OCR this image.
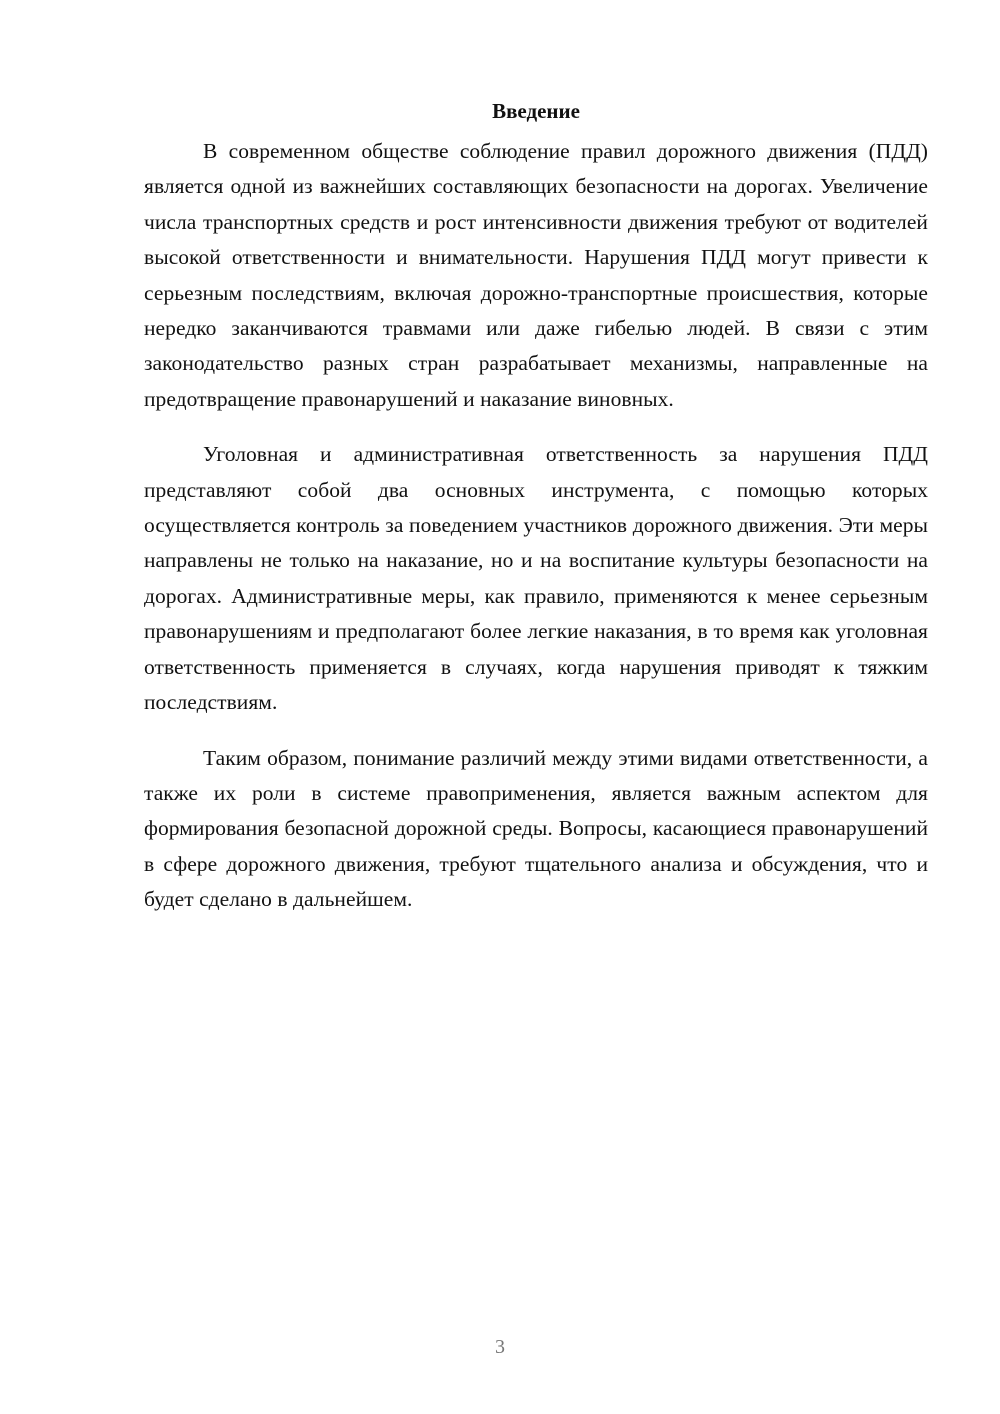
Введение

В современном обществе соблюдение правил дорожного движения (ПДД) является одной из важнейших составляющих безопасности на дорогах. Увеличение числа транспортных средств и рост интенсивности движения требуют от водителей высокой ответственности и внимательности. Нарушения ПДД могут привести к серьезным последствиям, включая дорожно-транспортные происшествия, которые нередко заканчиваются травмами или даже гибелью людей. В связи с этим законодательство разных стран разрабатывает механизмы, направленные на предотвращение правонарушений и наказание виновных.

Уголовная и административная ответственность за нарушения ПДД представляют собой два основных инструмента, с помощью которых осуществляется контроль за поведением участников дорожного движения. Эти меры направлены не только на наказание, но и на воспитание культуры безопасности на дорогах. Административные меры, как правило, применяются к менее серьезным правонарушениям и предполагают более легкие наказания, в то время как уголовная ответственность применяется в случаях, когда нарушения приводят к тяжким последствиям.

Таким образом, понимание различий между этими видами ответственности, а также их роли в системе правоприменения, является важным аспектом для формирования безопасной дорожной среды. Вопросы, касающиеся правонарушений в сфере дорожного движения, требуют тщательного анализа и обсуждения, что и будет сделано в дальнейшем.

3
